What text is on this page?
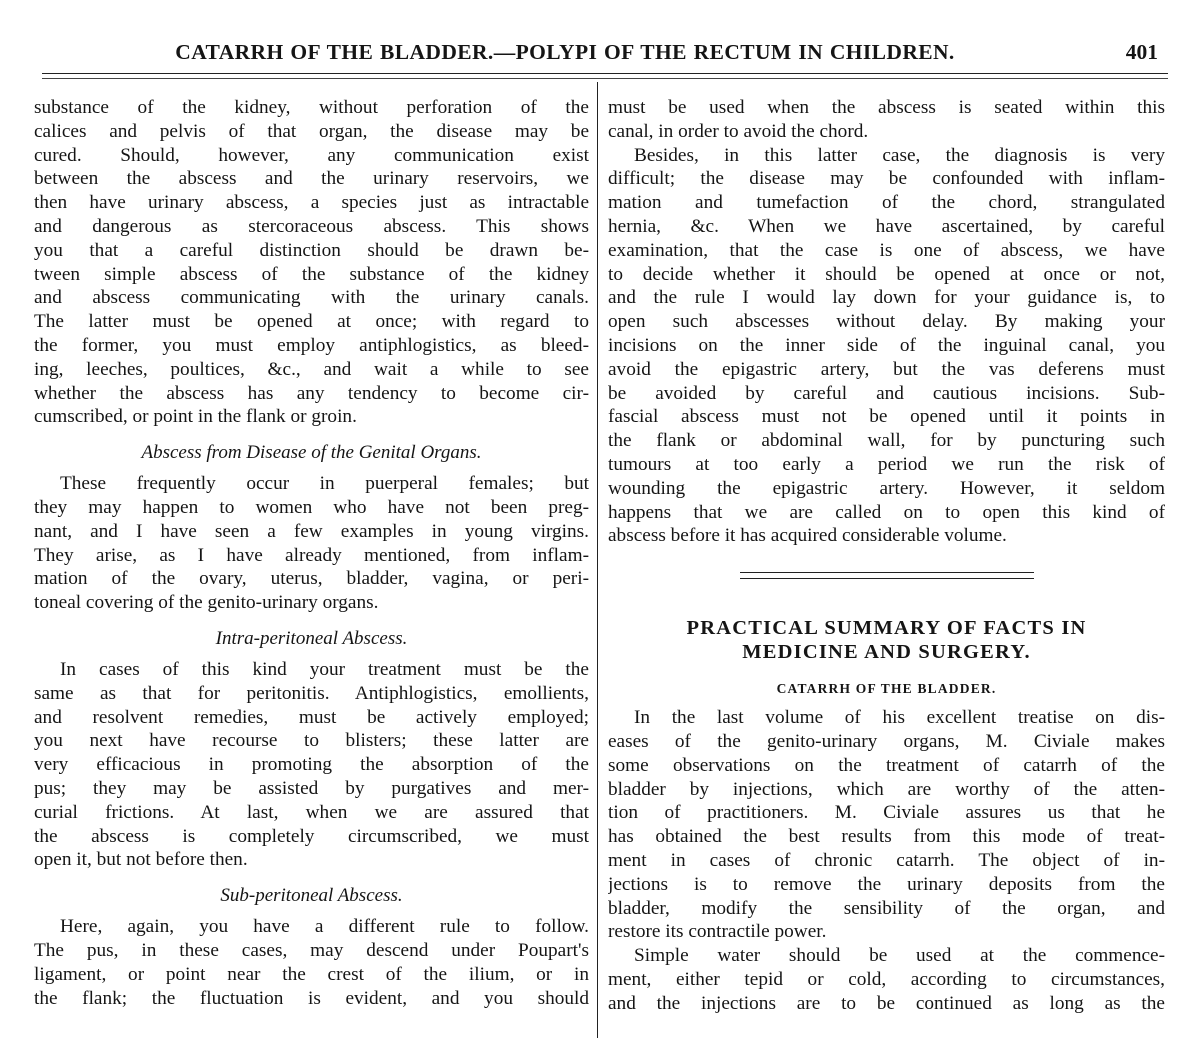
CATARRH OF THE BLADDER.—POLYPI OF THE RECTUM IN CHILDREN.	401
substance of the kidney, without perforation of the
calices and pelvis of that organ, the disease may be
cured. Should, however, any communication exist
between the abscess and the urinary reservoirs, we
then have urinary abscess, a species just as intractable
and dangerous as stercoraceous abscess. This shows
you that a careful distinction should be drawn be-
tween simple abscess of the substance of the kidney
and abscess communicating with the urinary canals.
The latter must be opened at once; with regard to
the former, you must employ antiphlogistics, as bleed-
ing, leeches, poultices, &c., and wait a while to see
whether the abscess has any tendency to become cir-
cumscribed, or point in the flank or groin.
Abscess from Disease of the Genital Organs.
These frequently occur in puerperal females; but
they may happen to women who have not been preg-
nant, and I have seen a few examples in young virgins.
They arise, as I have already mentioned, from inflam-
mation of the ovary, uterus, bladder, vagina, or peri-
toneal covering of the genito-urinary organs.
Intra-peritoneal Abscess.
In cases of this kind your treatment must be the
same as that for peritonitis. Antiphlogistics, emollients,
and resolvent remedies, must be actively employed;
you next have recourse to blisters; these latter are
very efficacious in promoting the absorption of the
pus; they may be assisted by purgatives and mer-
curial frictions. At last, when we are assured that
the abscess is completely circumscribed, we must
open it, but not before then.
Sub-peritoneal Abscess.
Here, again, you have a different rule to follow.
The pus, in these cases, may descend under Poupart's
ligament, or point near the crest of the ilium, or in
the flank; the fluctuation is evident, and you should
must be used when the abscess is seated within this
canal, in order to avoid the chord.
Besides, in this latter case, the diagnosis is very
difficult; the disease may be confounded with inflam-
mation and tumefaction of the chord, strangulated
hernia, &c. When we have ascertained, by careful
examination, that the case is one of abscess, we have
to decide whether it should be opened at once or not,
and the rule I would lay down for your guidance is, to
open such abscesses without delay. By making your
incisions on the inner side of the inguinal canal, you
avoid the epigastric artery, but the vas deferens must
be avoided by careful and cautious incisions. Sub-
fascial abscess must not be opened until it points in
the flank or abdominal wall, for by puncturing such
tumours at too early a period we run the risk of
wounding the epigastric artery. However, it seldom
happens that we are called on to open this kind of
abscess before it has acquired considerable volume.
PRACTICAL SUMMARY OF FACTS IN
MEDICINE AND SURGERY.
CATARRH OF THE BLADDER.
In the last volume of his excellent treatise on dis-
eases of the genito-urinary organs, M. Civiale makes
some observations on the treatment of catarrh of the
bladder by injections, which are worthy of the atten-
tion of practitioners. M. Civiale assures us that he
has obtained the best results from this mode of treat-
ment in cases of chronic catarrh. The object of in-
jections is to remove the urinary deposits from the
bladder, modify the sensibility of the organ, and
restore its contractile power.
Simple water should be used at the commence-
ment, either tepid or cold, according to circumstances,
and the injections are to be continued as long as the
